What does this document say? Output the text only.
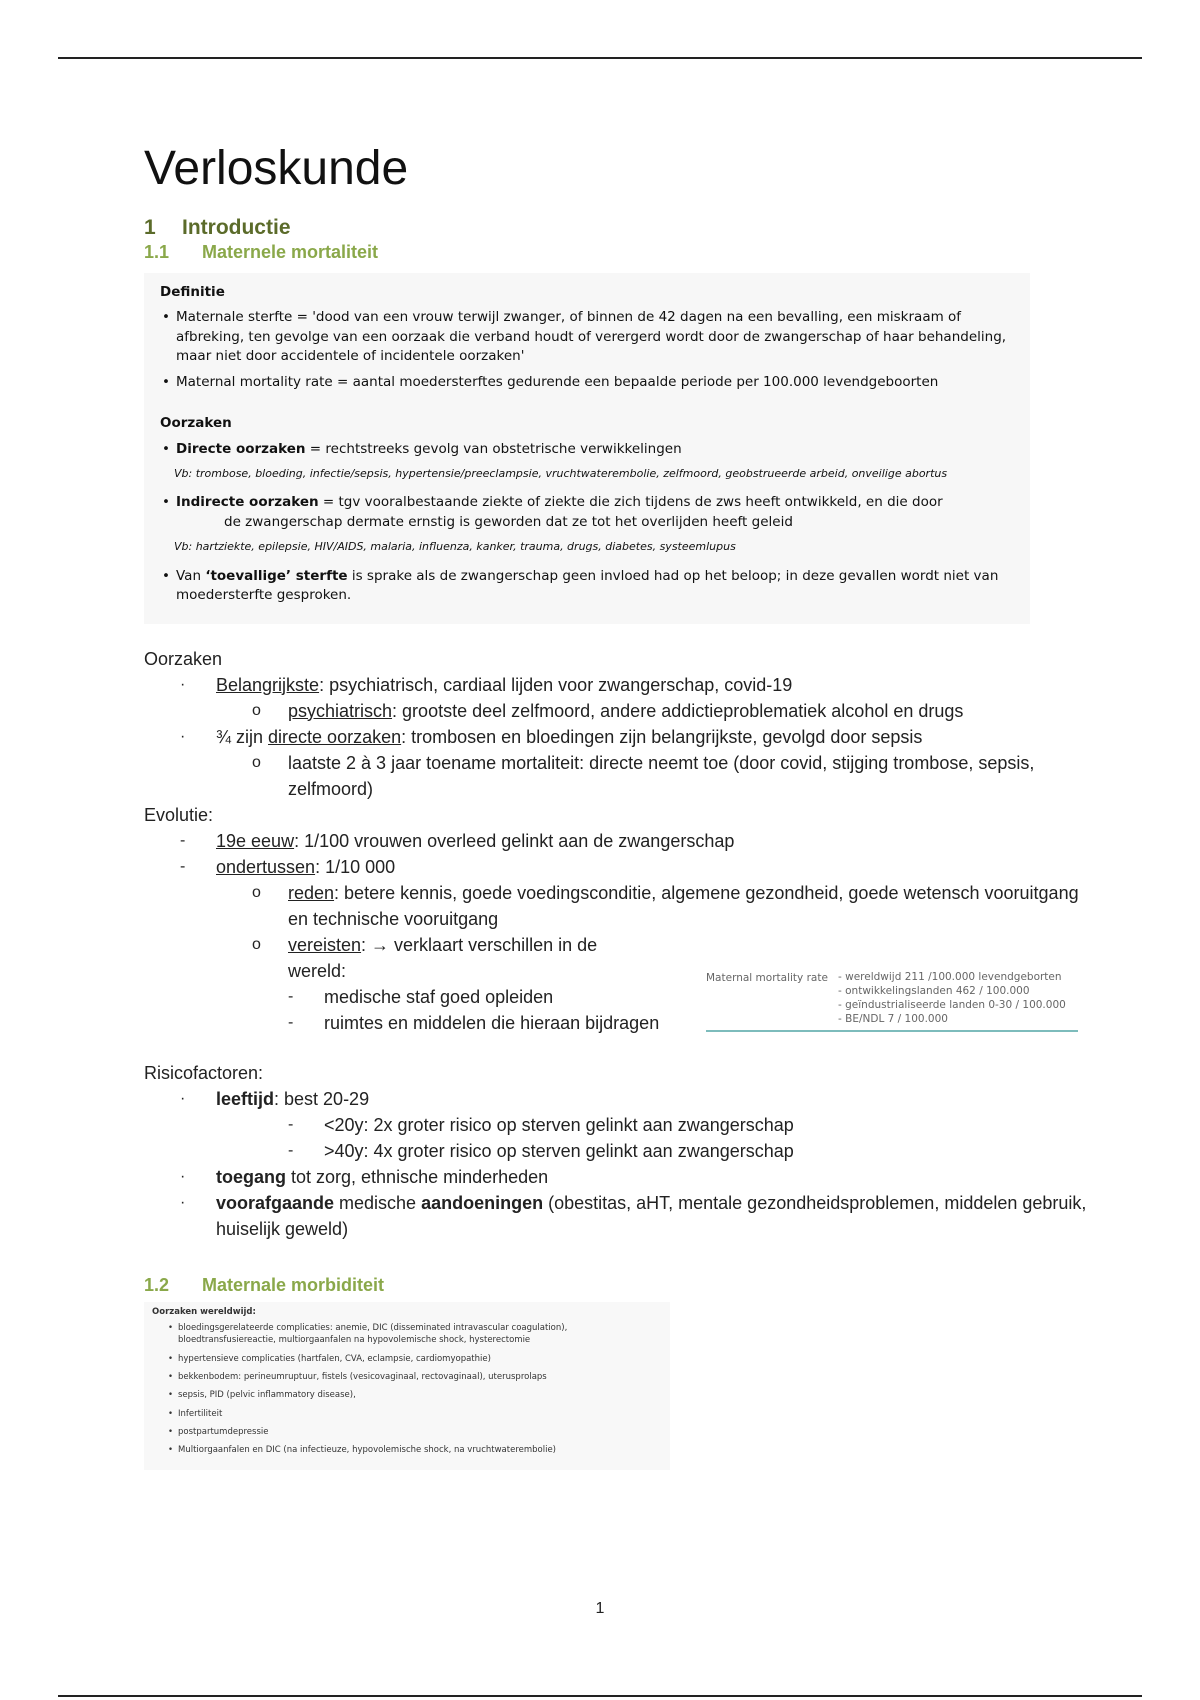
Verloskunde
1 Introductie
1.1 Maternele mortaliteit
Definitie
• Maternale sterfte = 'dood van een vrouw terwijl zwanger, of binnen de 42 dagen na een bevalling, een miskraam of afbreking, ten gevolge van een oorzaak die verband houdt of verergerd wordt door de zwangerschap of haar behandeling, maar niet door accidentele of incidentele oorzaken'
• Maternal mortality rate = aantal moedersterftes gedurende een bepaalde periode per 100.000 levendgeboorten
Oorzaken
• Directe oorzaken = rechtstreeks gevolg van obstetrische verwikkelingen
Vb: trombose, bloeding, infectie/sepsis, hypertensie/preeclampsie, vruchtwaterembolie, zelfmoord, geobstrueerde arbeid, onveilige abortus
• Indirecte oorzaken = tgv vooralbestaande ziekte of ziekte die zich tijdens de zws heeft ontwikkeld, en die door
de zwangerschap dermate ernstig is geworden dat ze tot het overlijden heeft geleid
Vb: hartziekte, epilepsie, HIV/AIDS, malaria, influenza, kanker, trauma, drugs, diabetes, systeemlupus
• Van ‘toevallige’ sterfte is sprake als de zwangerschap geen invloed had op het beloop; in deze gevallen wordt niet van moedersterfte gesproken.
Oorzaken
· Belangrijkste: psychiatrisch, cardiaal lijden voor zwangerschap, covid-19
o psychiatrisch: grootste deel zelfmoord, andere addictieproblematiek alcohol en drugs
· ¾ zijn directe oorzaken: trombosen en bloedingen zijn belangrijkste, gevolgd door sepsis
o laatste 2 à 3 jaar toename mortaliteit: directe neemt toe (door covid, stijging trombose, sepsis, zelfmoord)
Evolutie:
- 19e eeuw: 1/100 vrouwen overleed gelinkt aan de zwangerschap
- ondertussen: 1/10 000
o reden: betere kennis, goede voedingsconditie, algemene gezondheid, goede wetensch vooruitgang en technische vooruitgang
o vereisten: → verklaart verschillen in de
wereld:
- medische staf goed opleiden
- ruimtes en middelen die hieraan bijdragen
Risicofactoren:
· leeftijd: best 20-29
- <20y: 2x groter risico op sterven gelinkt aan zwangerschap
- >40y: 4x groter risico op sterven gelinkt aan zwangerschap
· toegang tot zorg, ethnische minderheden
· voorafgaande medische aandoeningen (obestitas, aHT, mentale gezondheidsproblemen, middelen gebruik, huiselijk geweld)
1.2 Maternale morbiditeit
Oorzaken wereldwijd:
• bloedingsgerelateerde complicaties: anemie, DIC (disseminated intravascular coagulation), bloedtransfusiereactie, multiorgaanfalen na hypovolemische shock, hysterectomie
• hypertensieve complicaties (hartfalen, CVA, eclampsie, cardiomyopathie)
• bekkenbodem: perineumruptuur, fistels (vesicovaginaal, rectovaginaal), uterusprolaps
• sepsis, PID (pelvic inflammatory disease),
• Infertiliteit
• postpartumdepressie
• Multiorgaanfalen en DIC (na infectieuze, hypovolemische shock, na vruchtwaterembolie)
Maternal mortality rate - wereldwijd 211 /100.000 levendgeborten
- ontwikkelingslanden 462 / 100.000
- geïndustrialiseerde landen 0-30 / 100.000
- BE/NDL 7 / 100.000
1
